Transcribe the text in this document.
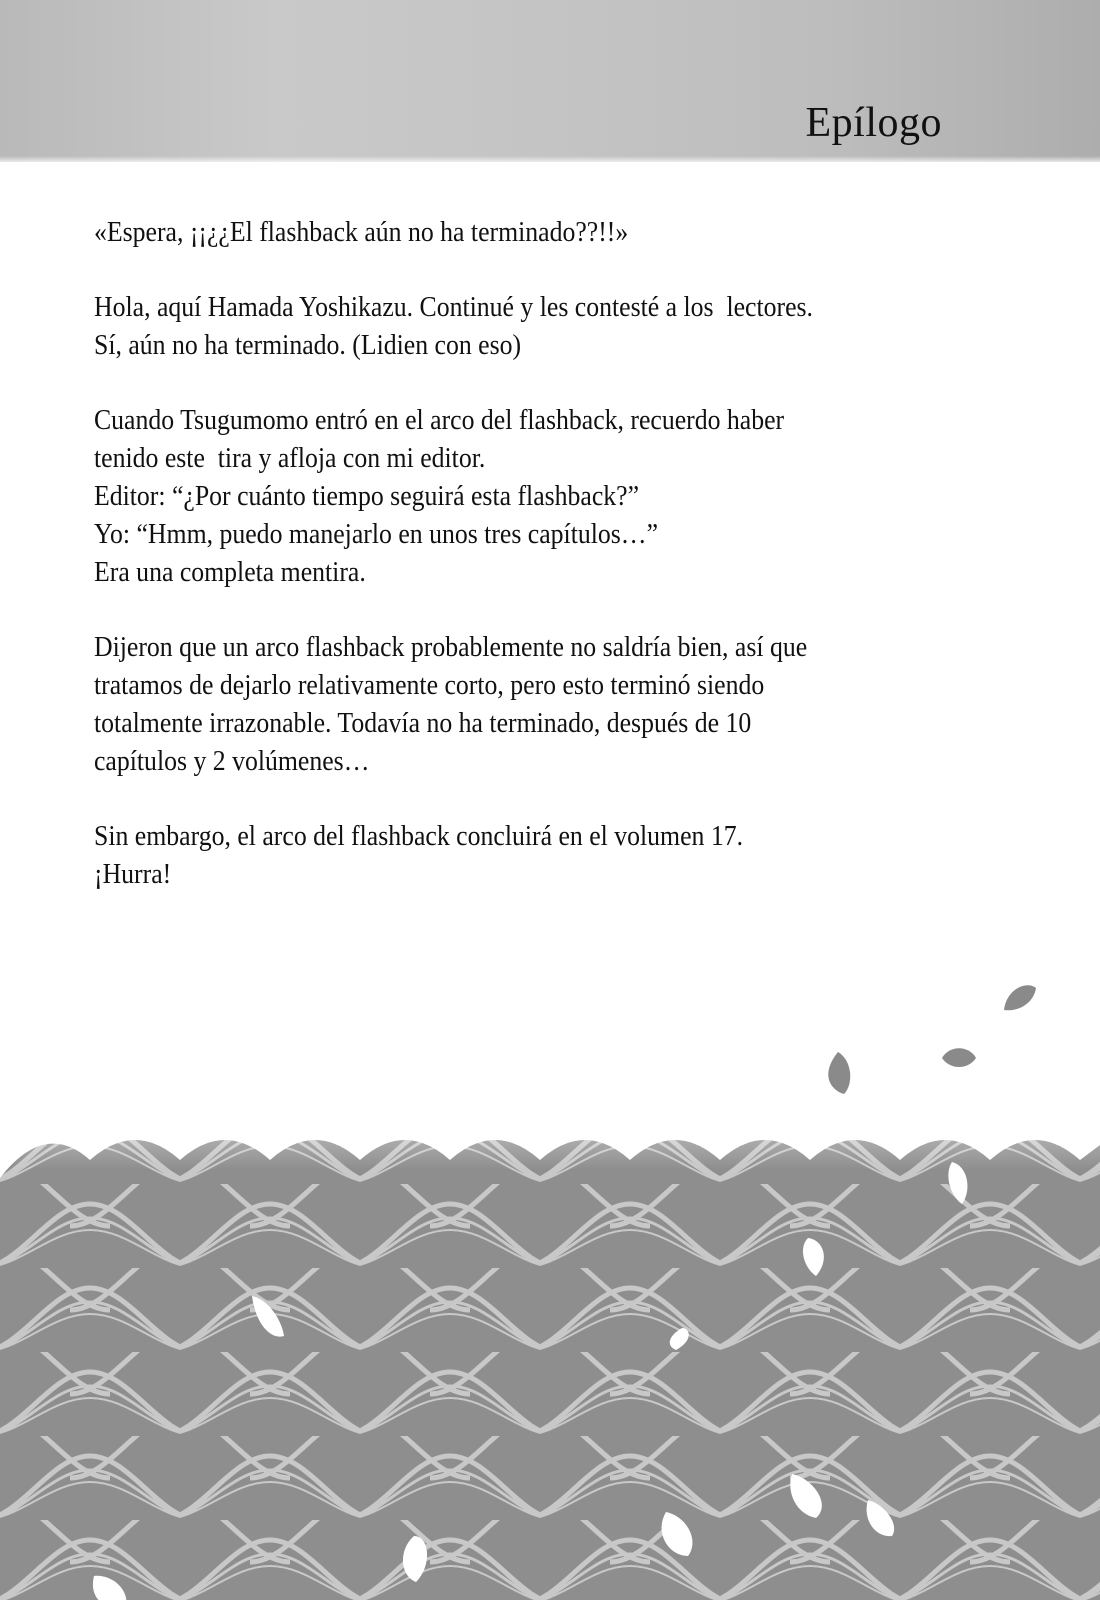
Epílogo
«Espera, ¡¡¿¿El flashback aún no ha terminado??!!»
Hola, aquí Hamada Yoshikazu. Continué y les contesté a los  lectores.
Sí, aún no ha terminado. (Lidien con eso)
Cuando Tsugumomo entró en el arco del flashback, recuerdo haber
tenido este  tira y afloja con mi editor.
Editor: “¿Por cuánto tiempo seguirá esta flashback?”
Yo: “Hmm, puedo manejarlo en unos tres capítulos…”
Era una completa mentira.
Dijeron que un arco flashback probablemente no saldría bien, así que
tratamos de dejarlo relativamente corto, pero esto terminó siendo
totalmente irrazonable. Todavía no ha terminado, después de 10
capítulos y 2 volúmenes…
Sin embargo, el arco del flashback concluirá en el volumen 17.
¡Hurra!
